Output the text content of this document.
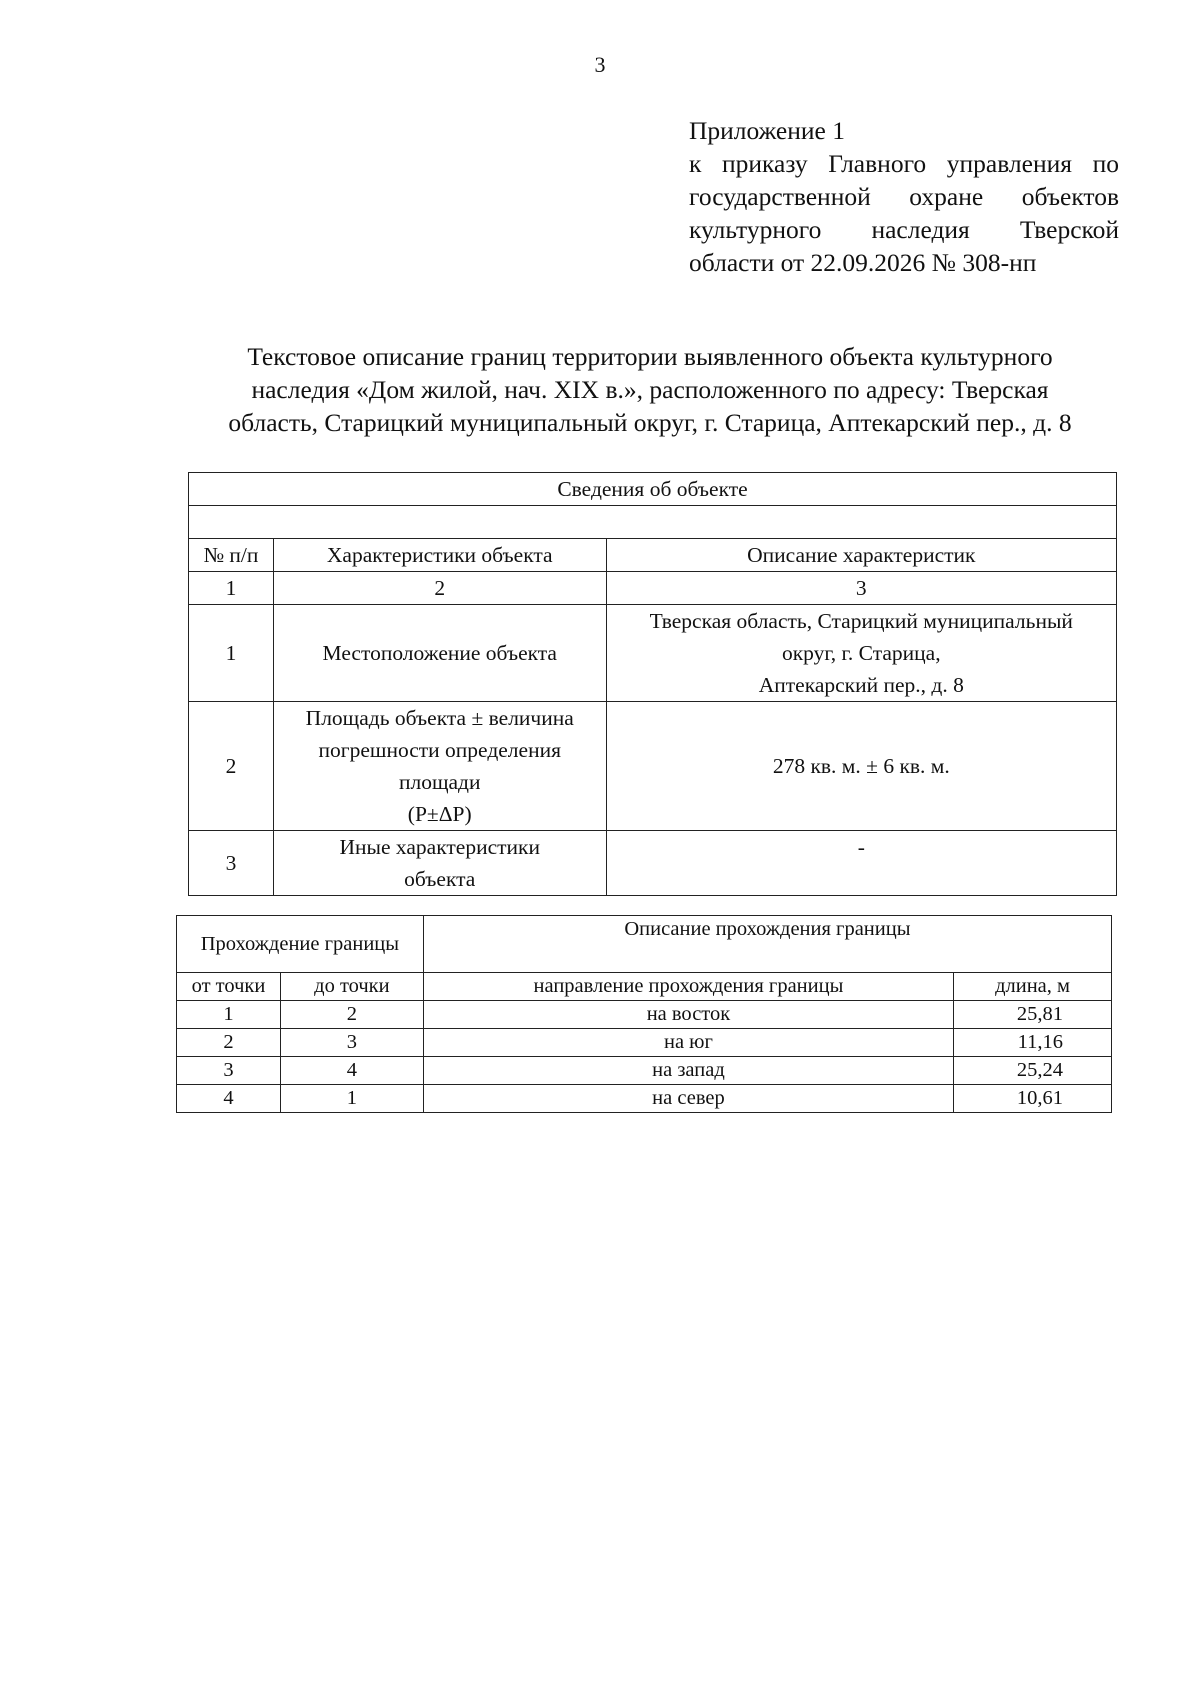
3
Приложение 1
к приказу Главного управления по
государственной охране объектов
культурного наследия Тверской
области от 22.09.2026 № 308-нп
Текстовое описание границ территории выявленного объекта культурного
наследия «Дом жилой, нач. XIX в.», расположенного по адресу: Тверская
область, Старицкий муниципальный округ, г. Старица, Аптекарский пер., д. 8
Сведения об объекте		

№ п/п	Характеристики объекта	Описание характеристик
1	2	3
1	Местоположение объекта	Тверская область, Старицкий муниципальный
округ, г. Старица,
Аптекарский пер., д. 8

2	Площадь объекта ± величина
погрешности определения
площади
(Р±ΔР)	278 кв. м. ± 6 кв. м.

3	Иные характеристики
объекта	-
Прохождение границы		Описание прохождения границы	
от точки	до точки	направление прохождения границы	длина, м
1	2	на восток	25,81
2	3	на юг	11,16
3	4	на запад	25,24
4	1	на север	10,61
